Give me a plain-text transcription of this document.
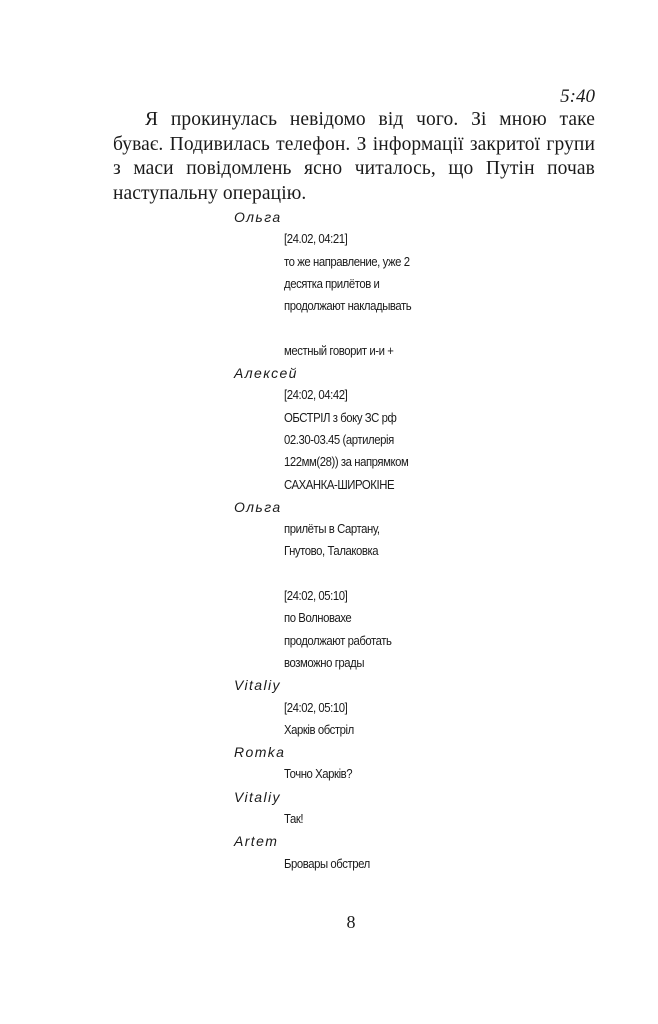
5:40
Я прокинулась невідомо від чого. Зі мною таке буває. Подивилась телефон. З інформації закритої групи з маси повідомлень ясно читалось, що Путін почав наступальну операцію.
Ольга
[24.02, 04:21]
то же направление, уже 2
десятка прилётов и
продолжают накладывать
местный говорит и-и +
Алексей
[24:02, 04:42]
ОБСТРІЛ з боку ЗС рф
02.30-03.45 (артилерія
122мм(28)) за напрямком
САХАНКА-ШИРОКІНЕ
Ольга
прилёты в Сартану,
Гнутово, Талаковка
[24:02, 05:10]
по Волновахе
продолжают работать
возможно грады
Vitaliy
[24:02, 05:10]
Харків обстріл
Romka
Точно Харків?
Vitaliy
Так!
Artem
Бровары обстрел
8
